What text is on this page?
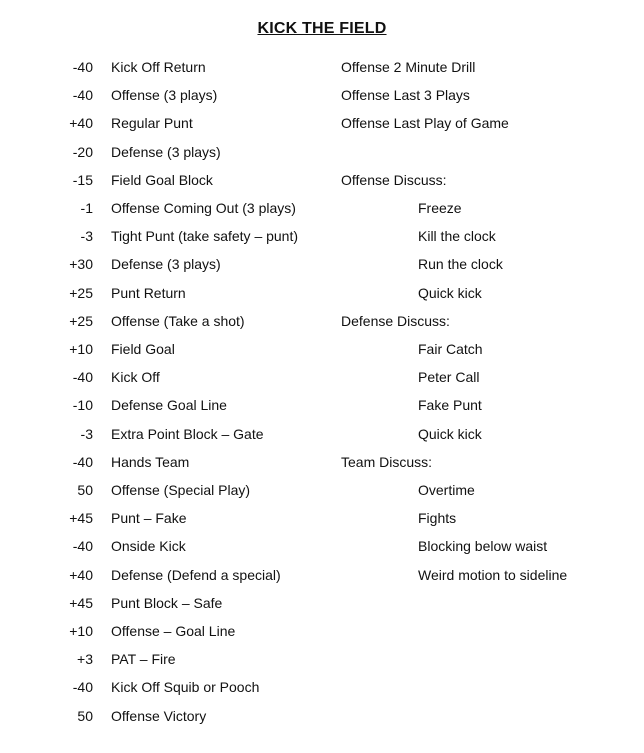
KICK THE FIELD
-40 Kick Off Return
-40 Offense (3 plays)
+40 Regular Punt
-20 Defense (3 plays)
-15 Field Goal Block
-1 Offense Coming Out (3 plays)
-3 Tight Punt (take safety – punt)
+30 Defense (3 plays)
+25 Punt Return
+25 Offense (Take a shot)
+10 Field Goal
-40 Kick Off
-10 Defense Goal Line
-3 Extra Point Block – Gate
-40 Hands Team
50 Offense (Special Play)
+45 Punt – Fake
-40 Onside Kick
+40 Defense (Defend a special)
+45 Punt Block – Safe
+10 Offense – Goal Line
+3 PAT – Fire
-40 Kick Off Squib or Pooch
50 Offense Victory
Offense 2 Minute Drill
Offense Last 3 Plays
Offense Last Play of Game
Offense Discuss:
Freeze
Kill the clock
Run the clock
Quick kick
Defense Discuss:
Fair Catch
Peter Call
Fake Punt
Quick kick
Team Discuss:
Overtime
Fights
Blocking below waist
Weird motion to sideline
